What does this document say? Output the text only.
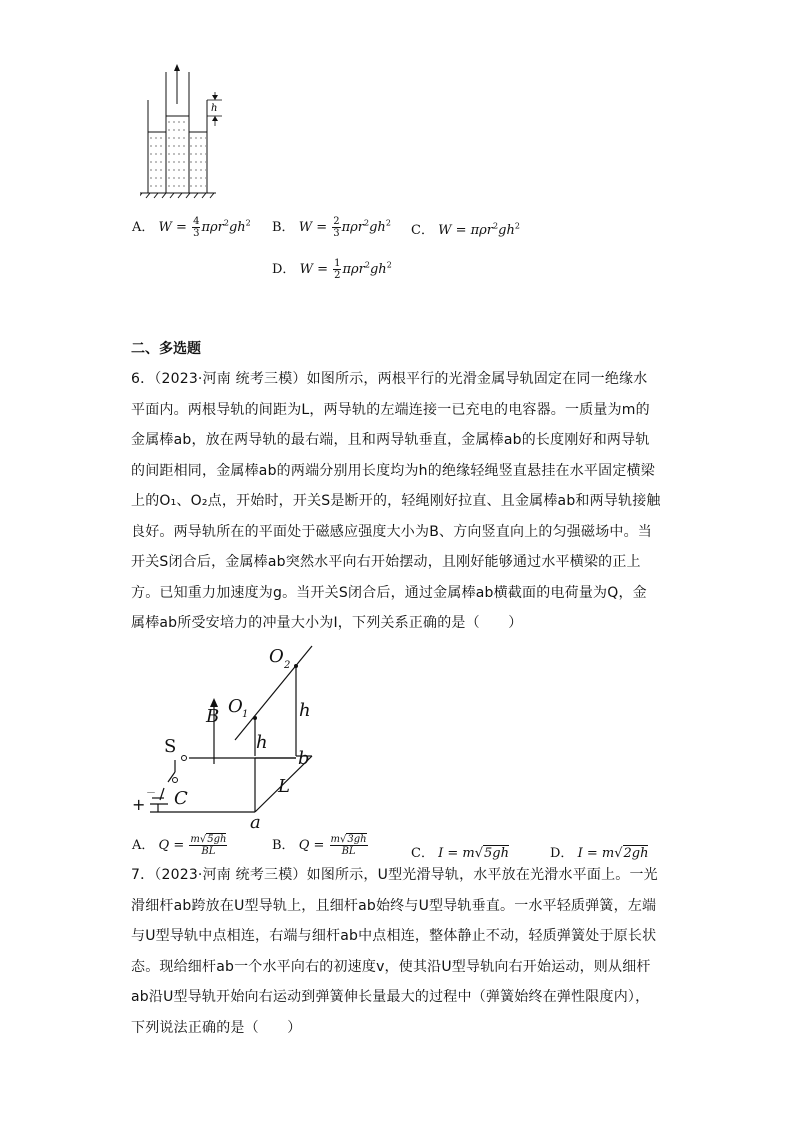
h
A． $W = \frac{4}{3} \pi\rho r^2gh^2$ B． $W = \frac{2}{3} \pi\rho r^2gh^2$ C． $W = \pi\rho r^2gh^2$
D． $W = \frac{1}{2} \pi\rho r^2gh^2$
二、多选题

6．（2023·河南 统考三模）如图所示，两根平行的光滑金属导轨固定在同一绝缘水平面内。两根导轨的间距为L，两导轨的左端连接一已充电的电容器。一质量为m的金属棒ab，放在两导轨的最右端，且和两导轨垂直，金属棒ab的长度刚好和两导轨的间距相同，金属棒ab的两端分别用长度均为h的绝缘轻绳竖直悬挂在水平固定横梁上的O₁、O₂点，开始时，开关S是断开的，轻绳刚好拉直、且金属棒ab和两导轨接触良好。两导轨所在的平面处于磁感应强度大小为B、方向竖直向上的匀强磁场中。当开关S闭合后，金属棒ab突然水平向右开始摆动，且刚好能够通过水平横梁的正上方。已知重力加速度为g。当开关S闭合后，通过金属棒ab横截面的电荷量为Q，金属棒ab所受安培力的冲量大小为I，下列关系正确的是（　　）

O 1
O 2
B	h
h
b
L
a
C
S
－
+
A． $Q = \frac{m√5gh}{BL}$	B． $Q = \frac{m√3gh}{BL}$	C． I = m√5gh	D． I = m√2gh

7．（2023·河南 统考三模）如图所示，U型光滑导轨，水平放在光滑水平面上。一光滑细杆ab跨放在U型导轨上，且细杆ab始终与U型导轨垂直。一水平轻质弹簧，左端与U型导轨中点相连，右端与细杆ab中点相连，整体静止不动，轻质弹簧处于原长状态。现给细杆ab一个水平向右的初速度v，使其沿U型导轨向右开始运动，则从细杆ab沿U型导轨开始向右运动到弹簧伸长量最大的过程中（弹簧始终在弹性限度内），下列说法正确的是（　　）
